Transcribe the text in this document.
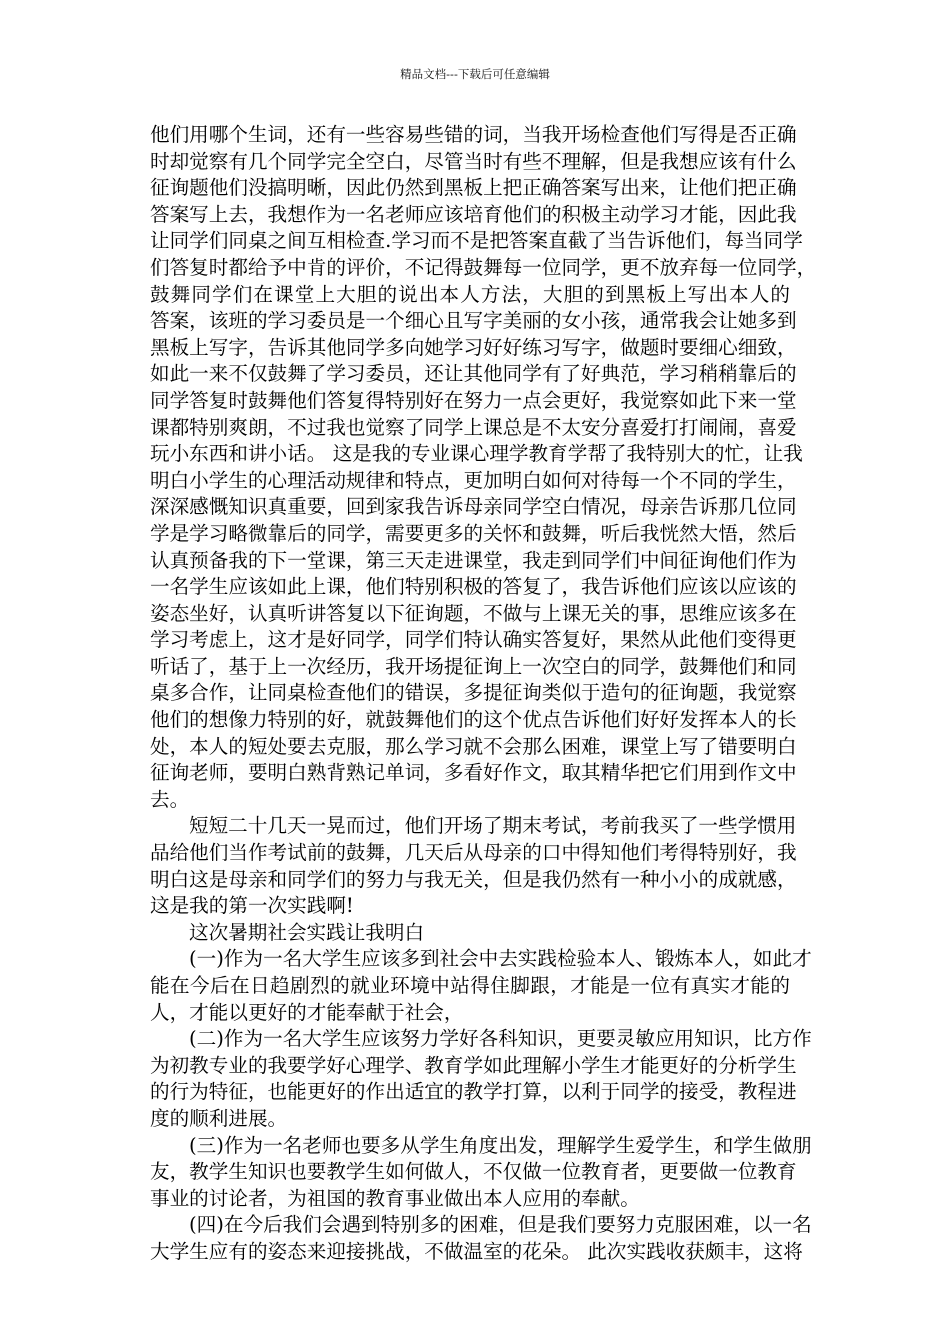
精品文档---下载后可任意编辑
他们用哪个生词，还有一些容易些错的词，当我开场检查他们写得是否正确
时却觉察有几个同学完全空白，尽管当时有些不理解，但是我想应该有什么
征询题他们没搞明晰，因此仍然到黑板上把正确答案写出来，让他们把正确
答案写上去，我想作为一名老师应该培育他们的积极主动学习才能，因此我
让同学们同桌之间互相检查.学习而不是把答案直截了当告诉他们，每当同学
们答复时都给予中肯的评价，不记得鼓舞每一位同学，更不放弃每一位同学，
鼓舞同学们在课堂上大胆的说出本人方法，大胆的到黑板上写出本人的
答案，该班的学习委员是一个细心且写字美丽的女小孩，通常我会让她多到
黑板上写字，告诉其他同学多向她学习好好练习写字，做题时要细心细致，
如此一来不仅鼓舞了学习委员，还让其他同学有了好典范，学习稍稍靠后的
同学答复时鼓舞他们答复得特别好在努力一点会更好，我觉察如此下来一堂
课都特别爽朗，不过我也觉察了同学上课总是不太安分喜爱打打闹闹，喜爱
玩小东西和讲小话。 这是我的专业课心理学教育学帮了我特别大的忙，让我
明白小学生的心理活动规律和特点，更加明白如何对待每一个不同的学生，
深深感慨知识真重要，回到家我告诉母亲同学空白情况，母亲告诉那几位同
学是学习略微靠后的同学，需要更多的关怀和鼓舞，听后我恍然大悟，然后
认真预备我的下一堂课，第三天走进课堂，我走到同学们中间征询他们作为
一名学生应该如此上课，他们特别积极的答复了，我告诉他们应该以应该的
姿态坐好，认真听讲答复以下征询题，不做与上课无关的事，思维应该多在
学习考虑上，这才是好同学，同学们特认确实答复好，果然从此他们变得更
听话了，基于上一次经历，我开场提征询上一次空白的同学，鼓舞他们和同
桌多合作，让同桌检查他们的错误，多提征询类似于造句的征询题，我觉察
他们的想像力特别的好，就鼓舞他们的这个优点告诉他们好好发挥本人的长
处，本人的短处要去克服，那么学习就不会那么困难，课堂上写了错要明白
征询老师，要明白熟背熟记单词，多看好作文，取其精华把它们用到作文中
去。
短短二十几天一晃而过，他们开场了期末考试，考前我买了一些学惯用
品给他们当作考试前的鼓舞，几天后从母亲的口中得知他们考得特别好，我
明白这是母亲和同学们的努力与我无关，但是我仍然有一种小小的成就感，
这是我的第一次实践啊!
这次暑期社会实践让我明白
(一)作为一名大学生应该多到社会中去实践检验本人、锻炼本人，如此才
能在今后在日趋剧烈的就业环境中站得住脚跟，才能是一位有真实才能的
人，才能以更好的才能奉献于社会，
(二)作为一名大学生应该努力学好各科知识，更要灵敏应用知识，比方作
为初教专业的我要学好心理学、教育学如此理解小学生才能更好的分析学生
的行为特征，也能更好的作出适宜的教学打算，以利于同学的接受，教程进
度的顺利进展。
(三)作为一名老师也要多从学生角度出发，理解学生爱学生，和学生做朋
友，教学生知识也要教学生如何做人，不仅做一位教育者，更要做一位教育
事业的讨论者，为祖国的教育事业做出本人应用的奉献。
(四)在今后我们会遇到特别多的困难，但是我们要努力克服困难，以一名
大学生应有的姿态来迎接挑战，不做温室的花朵。 此次实践收获颇丰，这将
